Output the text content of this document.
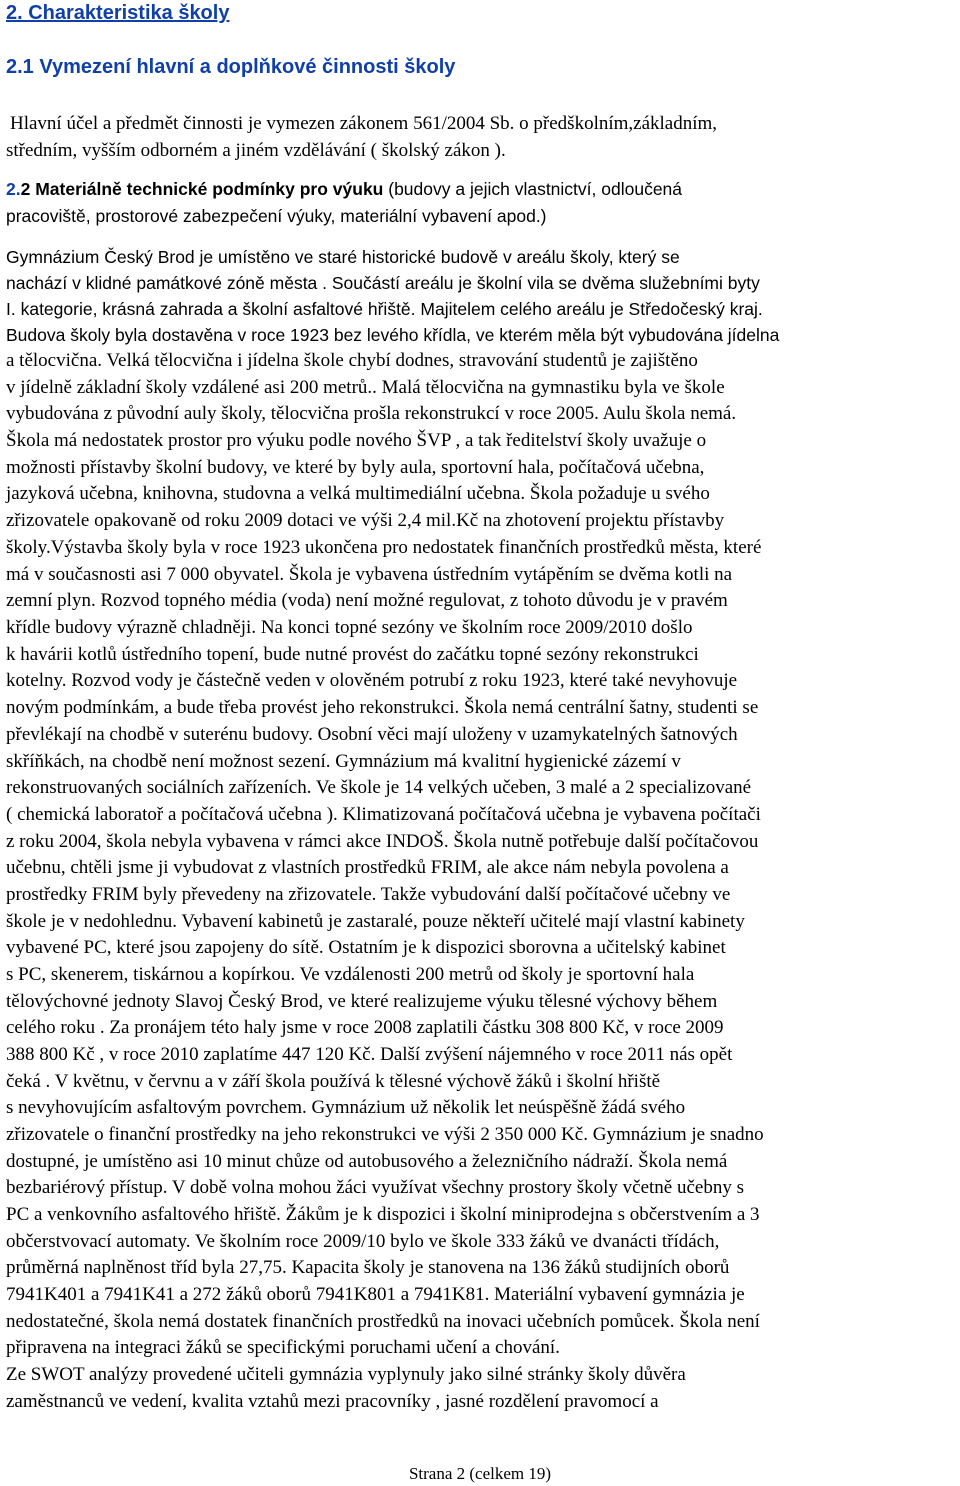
2. Charakteristika školy
2.1 Vymezení hlavní a doplňkové činnosti školy
Hlavní účel a předmět činnosti je vymezen zákonem 561/2004 Sb. o předškolním,základním,
středním, vyšším odborném a jiném vzdělávání ( školský zákon ).
2.2 Materiálně technické podmínky pro výuku (budovy a jejich vlastnictví, odloučená
pracoviště, prostorové zabezpečení výuky, materiální vybavení apod.)
Gymnázium Český Brod je umístěno ve staré historické budově v areálu školy, který se
nachází v klidné památkové zóně města . Součástí areálu je školní vila se dvěma služebními byty
I. kategorie, krásná zahrada a školní asfaltové hřiště. Majitelem celého areálu je Středočeský kraj.
Budova školy byla dostavěna v roce 1923 bez levého křídla, ve kterém měla být vybudována jídelna
a tělocvična. Velká tělocvična i jídelna škole chybí dodnes, stravování studentů je zajištěno
v jídelně základní školy vzdálené asi 200 metrů.. Malá tělocvična na gymnastiku byla ve škole
vybudována z původní auly školy, tělocvična prošla rekonstrukcí v roce 2005. Aulu škola nemá.
Škola má nedostatek prostor pro výuku podle nového ŠVP , a tak ředitelství školy uvažuje o
možnosti přístavby školní budovy, ve které by byly aula, sportovní hala, počítačová učebna,
jazyková učebna, knihovna, studovna a velká multimediální učebna. Škola požaduje u svého
zřizovatele opakovaně od roku 2009 dotaci ve výši 2,4 mil.Kč na zhotovení projektu přístavby
školy.Výstavba školy byla v roce 1923 ukončena pro nedostatek finančních prostředků města, které
má v současnosti asi 7 000 obyvatel. Škola je vybavena ústředním vytápěním se dvěma kotli na
zemní plyn. Rozvod topného média (voda) není možné regulovat, z tohoto důvodu je v pravém
křídle budovy výrazně chladněji. Na konci topné sezóny ve školním roce 2009/2010 došlo
k havárii kotlů ústředního topení, bude nutné provést do začátku topné sezóny rekonstrukci
kotelny. Rozvod vody je částečně veden v olověném potrubí z roku 1923, které také nevyhovuje
novým podmínkám, a bude třeba provést jeho rekonstrukci. Škola nemá centrální šatny, studenti se
převlékají na chodbě v suterénu budovy. Osobní věci mají uloženy v uzamykatelných šatnových
skříňkách, na chodbě není možnost sezení. Gymnázium má kvalitní hygienické zázemí v
rekonstruovaných sociálních zařízeních. Ve škole je 14 velkých učeben, 3 malé a 2 specializované
( chemická laboratoř a počítačová učebna ). Klimatizovaná počítačová učebna je vybavena počítači
z roku 2004, škola nebyla vybavena v rámci akce INDOŠ. Škola nutně potřebuje další počítačovou
učebnu, chtěli jsme ji vybudovat z vlastních prostředků FRIM, ale akce nám nebyla povolena a
prostředky FRIM byly převedeny na zřizovatele. Takže vybudování další počítačové učebny ve
škole je v nedohlednu. Vybavení kabinetů je zastaralé, pouze někteří učitelé mají vlastní kabinety
vybavené PC, které jsou zapojeny do sítě. Ostatním je k dispozici sborovna a učitelský kabinet
s PC, skenerem, tiskárnou a kopírkou. Ve vzdálenosti 200 metrů od školy je sportovní hala
tělovýchovné jednoty Slavoj Český Brod, ve které realizujeme výuku tělesné výchovy během
celého roku . Za pronájem této haly jsme v roce 2008 zaplatili částku 308 800 Kč, v roce 2009
388 800 Kč , v roce 2010 zaplatíme 447 120 Kč. Další zvýšení nájemného v roce 2011 nás opět
čeká . V květnu, v červnu a v září škola používá k tělesné výchově žáků i školní hřiště
s nevyhovujícím asfaltovým povrchem. Gymnázium už několik let neúspěšně žádá svého
zřizovatele o finanční prostředky na jeho rekonstrukci ve výši 2 350 000 Kč. Gymnázium je snadno
dostupné, je umístěno asi 10 minut chůze od autobusového a železničního nádraží. Škola nemá
bezbariérový přístup. V době volna mohou žáci využívat všechny prostory školy včetně učebny s
PC a venkovního asfaltového hřiště. Žákům je k dispozici i školní miniprodejna s občerstvením a 3
občerstvovací automaty. Ve školním roce 2009/10 bylo ve škole 333 žáků ve dvanácti třídách,
průměrná naplněnost tříd byla 27,75. Kapacita školy je stanovena na 136 žáků studijních oborů
7941K401 a 7941K41 a 272 žáků oborů 7941K801 a 7941K81. Materiální vybavení gymnázia je
nedostatečné, škola nemá dostatek finančních prostředků na inovaci učebních pomůcek. Škola není
připravena na integraci žáků se specifickými poruchami učení a chování.
Ze SWOT analýzy provedené učiteli gymnázia vyplynuly jako silné stránky školy důvěra
zaměstnanců ve vedení, kvalita vztahů mezi pracovníky , jasné rozdělení pravomocí a
Strana 2 (celkem 19)
